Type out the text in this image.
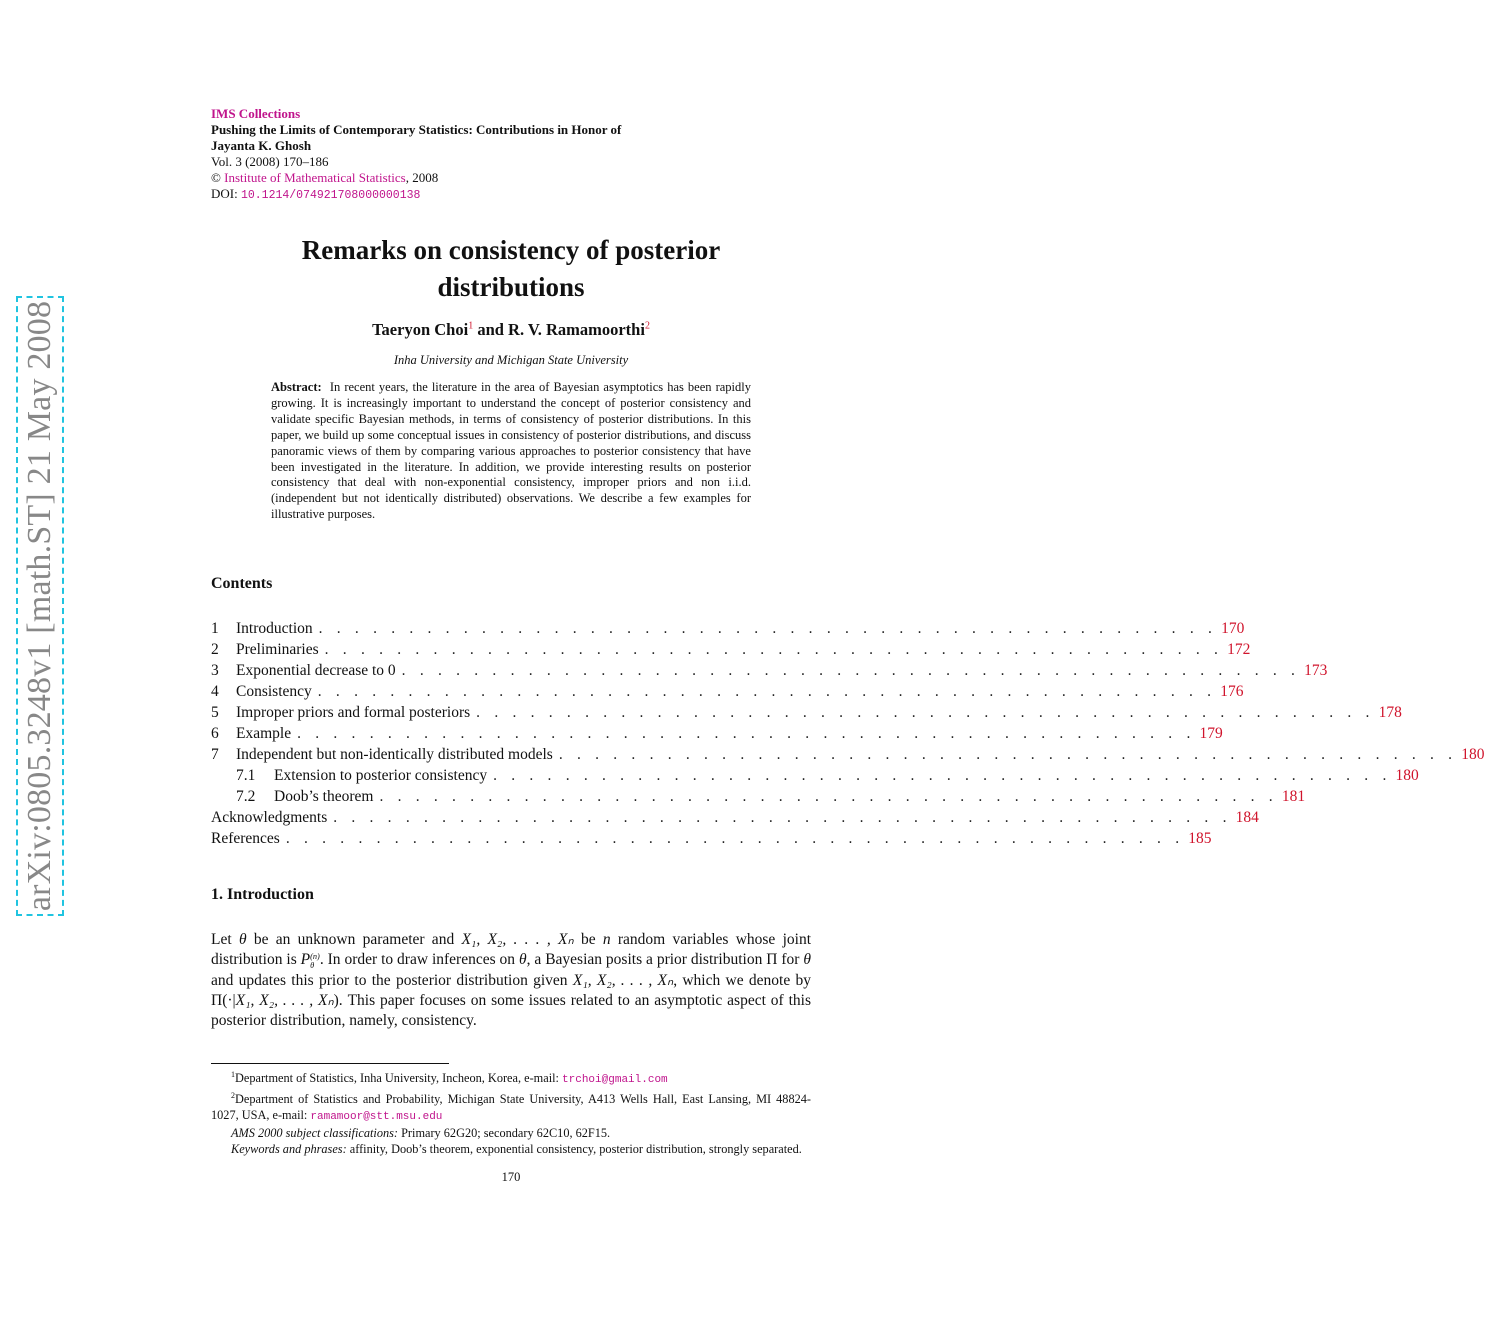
arXiv:0805.3248v1 [math.ST] 21 May 2008
IMS Collections
Pushing the Limits of Contemporary Statistics: Contributions in Honor of
Jayanta K. Ghosh
Vol. 3 (2008) 170–186
© Institute of Mathematical Statistics, 2008
DOI: 10.1214/074921708000000138
Remarks on consistency of posterior
distributions
Taeryon Choi$^1$ and R. V. Ramamoorthi$^2$
Inha University and Michigan State University
Abstract: In recent years, the literature in the area of Bayesian asymptotics has been rapidly growing. It is increasingly important to understand the concept of posterior consistency and validate specific Bayesian methods, in terms of consistency of posterior distributions. In this paper, we build up some conceptual issues in consistency of posterior distributions, and discuss panoramic views of them by comparing various approaches to posterior consistency that have been investigated in the literature. In addition, we provide interesting results on posterior consistency that deal with non-exponential consistency, improper priors and non i.i.d. (independent but not identically distributed) observations. We describe a few examples for illustrative purposes.
Contents
1	Introduction . . . . . . . . . . . . . . . . . . . . . . . . . . . . . . . . . . . . . . . . . . . . . . . . . . 170
2	Preliminaries . . . . . . . . . . . . . . . . . . . . . . . . . . . . . . . . . . . . . . . . . . . . . . . . . . 172
3	Exponential decrease to 0 . . . . . . . . . . . . . . . . . . . . . . . . . . . . . . . . . . . . . . . . . . . . . . . . . . 173
4	Consistency . . . . . . . . . . . . . . . . . . . . . . . . . . . . . . . . . . . . . . . . . . . . . . . . . . 176
5	Improper priors and formal posteriors . . . . . . . . . . . . . . . . . . . . . . . . . . . . . . . . . . . . . . . . . . . . . . . . . . 178
6	Example . . . . . . . . . . . . . . . . . . . . . . . . . . . . . . . . . . . . . . . . . . . . . . . . . . 179
7	Independent but non-identically distributed models . . . . . . . . . . . . . . . . . . . . . . . . . . . . . . . . . . . . . . . . . . . . . . . . . . 180
7.1	Extension to posterior consistency . . . . . . . . . . . . . . . . . . . . . . . . . . . . . . . . . . . . . . . . . . . . . . . . . . 180
7.2	Doob’s theorem . . . . . . . . . . . . . . . . . . . . . . . . . . . . . . . . . . . . . . . . . . . . . . . . . . 181
Acknowledgments . . . . . . . . . . . . . . . . . . . . . . . . . . . . . . . . . . . . . . . . . . . . . . . . . . 184
References . . . . . . . . . . . . . . . . . . . . . . . . . . . . . . . . . . . . . . . . . . . . . . . . . . 185
1. Introduction
Let θ be an unknown parameter and X₁, X₂, . . . , Xₙ be n random variables whose joint distribution is P (n)
θ . In order to draw inferences on θ, a Bayesian posits a prior distribution Π for θ and updates this prior to the posterior distribution given X₁, X₂, . . . , Xₙ, which we denote by Π(·|X₁, X₂, . . . , Xₙ). This paper focuses on some issues related to an asymptotic aspect of this posterior distribution, namely, consistency.
$^1$Department of Statistics, Inha University, Incheon, Korea, e-mail: trchoi@gmail.com
$^2$Department of Statistics and Probability, Michigan State University, A413 Wells Hall, East Lansing, MI 48824-1027, USA, e-mail: ramamoor@stt.msu.edu
AMS 2000 subject classifications: Primary 62G20; secondary 62C10, 62F15.
Keywords and phrases: affinity, Doob’s theorem, exponential consistency, posterior distribution, strongly separated.
170
